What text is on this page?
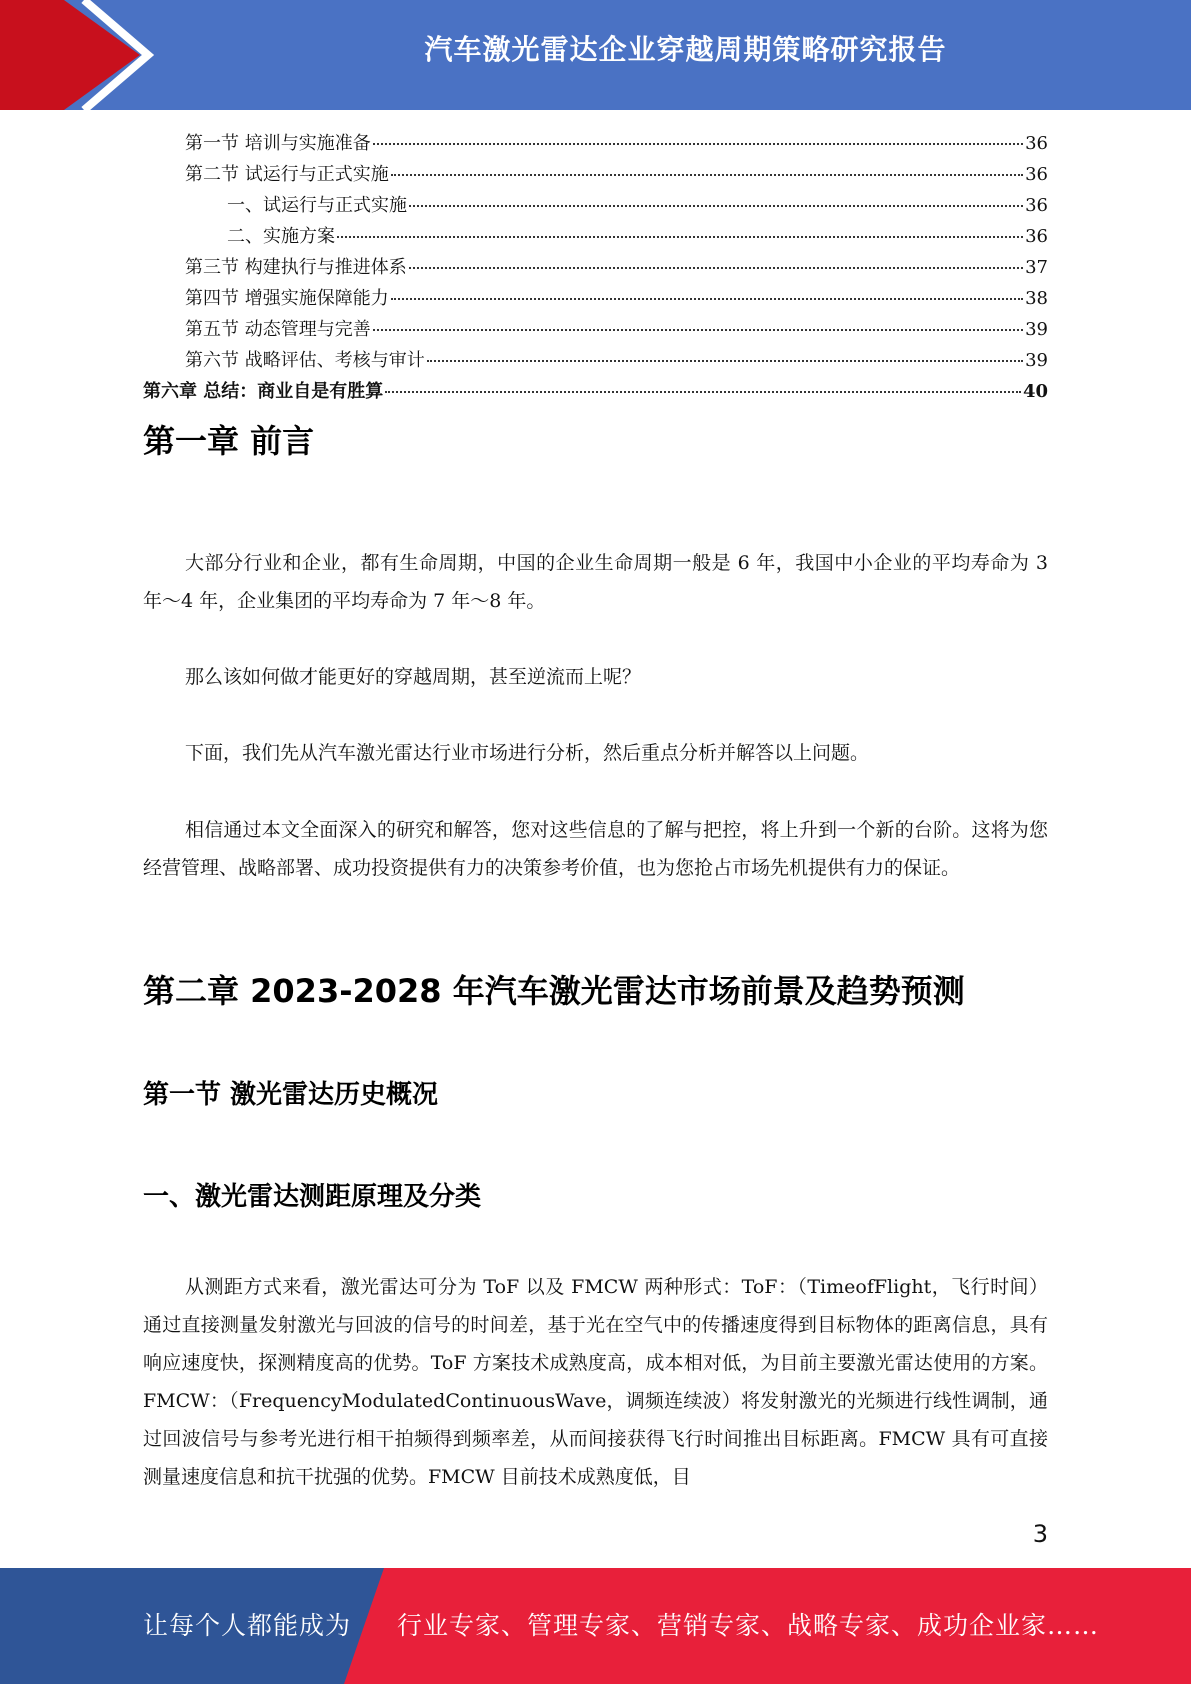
汽车激光雷达企业穿越周期策略研究报告
第一节 培训与实施准备	36
第二节 试运行与正式实施	36
一、试运行与正式实施	36
二、实施方案	36
第三节 构建执行与推进体系	37
第四节 增强实施保障能力	38
第五节 动态管理与完善	39
第六节 战略评估、考核与审计	39
第六章 总结：商业自是有胜算	40
第一章 前言
大部分行业和企业，都有生命周期，中国的企业生命周期一般是 6 年，我国中小企业的平均寿命为 3 年～4 年，企业集团的平均寿命为 7 年～8 年。
那么该如何做才能更好的穿越周期，甚至逆流而上呢？
下面，我们先从汽车激光雷达行业市场进行分析，然后重点分析并解答以上问题。
相信通过本文全面深入的研究和解答，您对这些信息的了解与把控，将上升到一个新的台阶。这将为您经营管理、战略部署、成功投资提供有力的决策参考价值，也为您抢占市场先机提供有力的保证。
第二章 2023-2028 年汽车激光雷达市场前景及趋势预测
第一节 激光雷达历史概况
一、激光雷达测距原理及分类
从测距方式来看，激光雷达可分为 ToF 以及 FMCW 两种形式：ToF：（TimeofFlight，飞行时间）通过直接测量发射激光与回波的信号的时间差，基于光在空气中的传播速度得到目标物体的距离信息，具有响应速度快，探测精度高的优势。ToF 方案技术成熟度高，成本相对低，为目前主要激光雷达使用的方案。FMCW：（FrequencyModulatedContinuousWave，调频连续波）将发射激光的光频进行线性调制，通过回波信号与参考光进行相干拍频得到频率差，从而间接获得飞行时间推出目标距离。FMCW 具有可直接测量速度信息和抗干扰强的优势。FMCW 目前技术成熟度低，目
3
让每个人都能成为 行业专家、管理专家、营销专家、战略专家、成功企业家……
